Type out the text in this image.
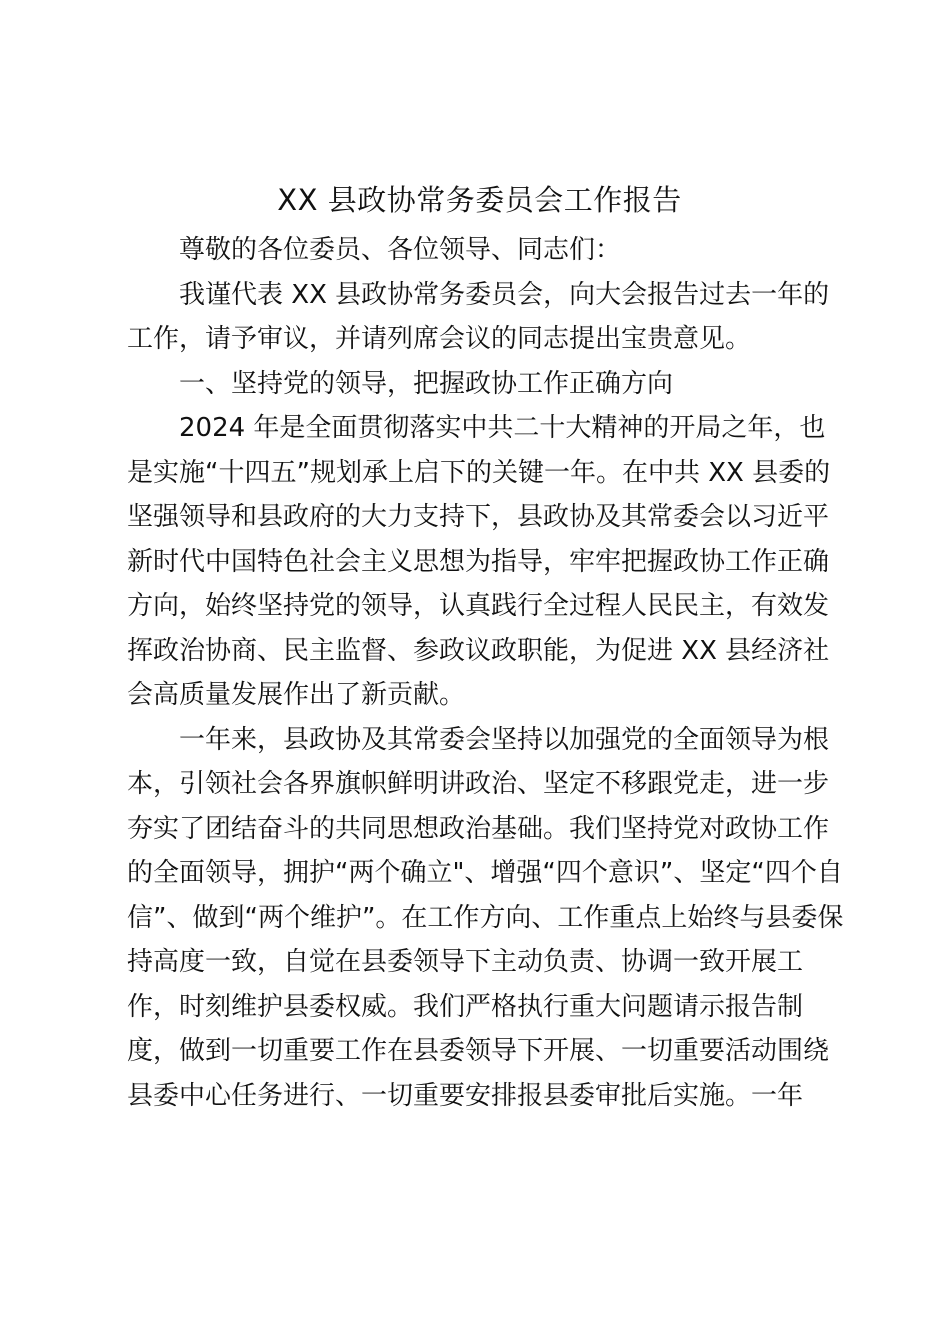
XX 县政协常务委员会工作报告

尊敬的各位委员、各位领导、同志们：

我谨代表 XX 县政协常务委员会，向大会报告过去一年的

工作，请予审议，并请列席会议的同志提出宝贵意见。

一、坚持党的领导，把握政协工作正确方向

2024 年是全面贯彻落实中共二十大精神的开局之年，也

是实施“十四五”规划承上启下的关键一年。在中共 XX 县委的

坚强领导和县政府的大力支持下，县政协及其常委会以习近平

新时代中国特色社会主义思想为指导，牢牢把握政协工作正确

方向，始终坚持党的领导，认真践行全过程人民民主，有效发

挥政治协商、民主监督、参政议政职能，为促进 XX 县经济社

会高质量发展作出了新贡献。

一年来，县政协及其常委会坚持以加强党的全面领导为根

本，引领社会各界旗帜鲜明讲政治、坚定不移跟党走，进一步

夯实了团结奋斗的共同思想政治基础。我们坚持党对政协工作

的全面领导，拥护“两个确立"、增强“四个意识”、坚定“四个自

信”、做到“两个维护”。在工作方向、工作重点上始终与县委保

持高度一致，自觉在县委领导下主动负责、协调一致开展工

作，时刻维护县委权威。我们严格执行重大问题请示报告制

度，做到一切重要工作在县委领导下开展、一切重要活动围绕

县委中心任务进行、一切重要安排报县委审批后实施。一年
